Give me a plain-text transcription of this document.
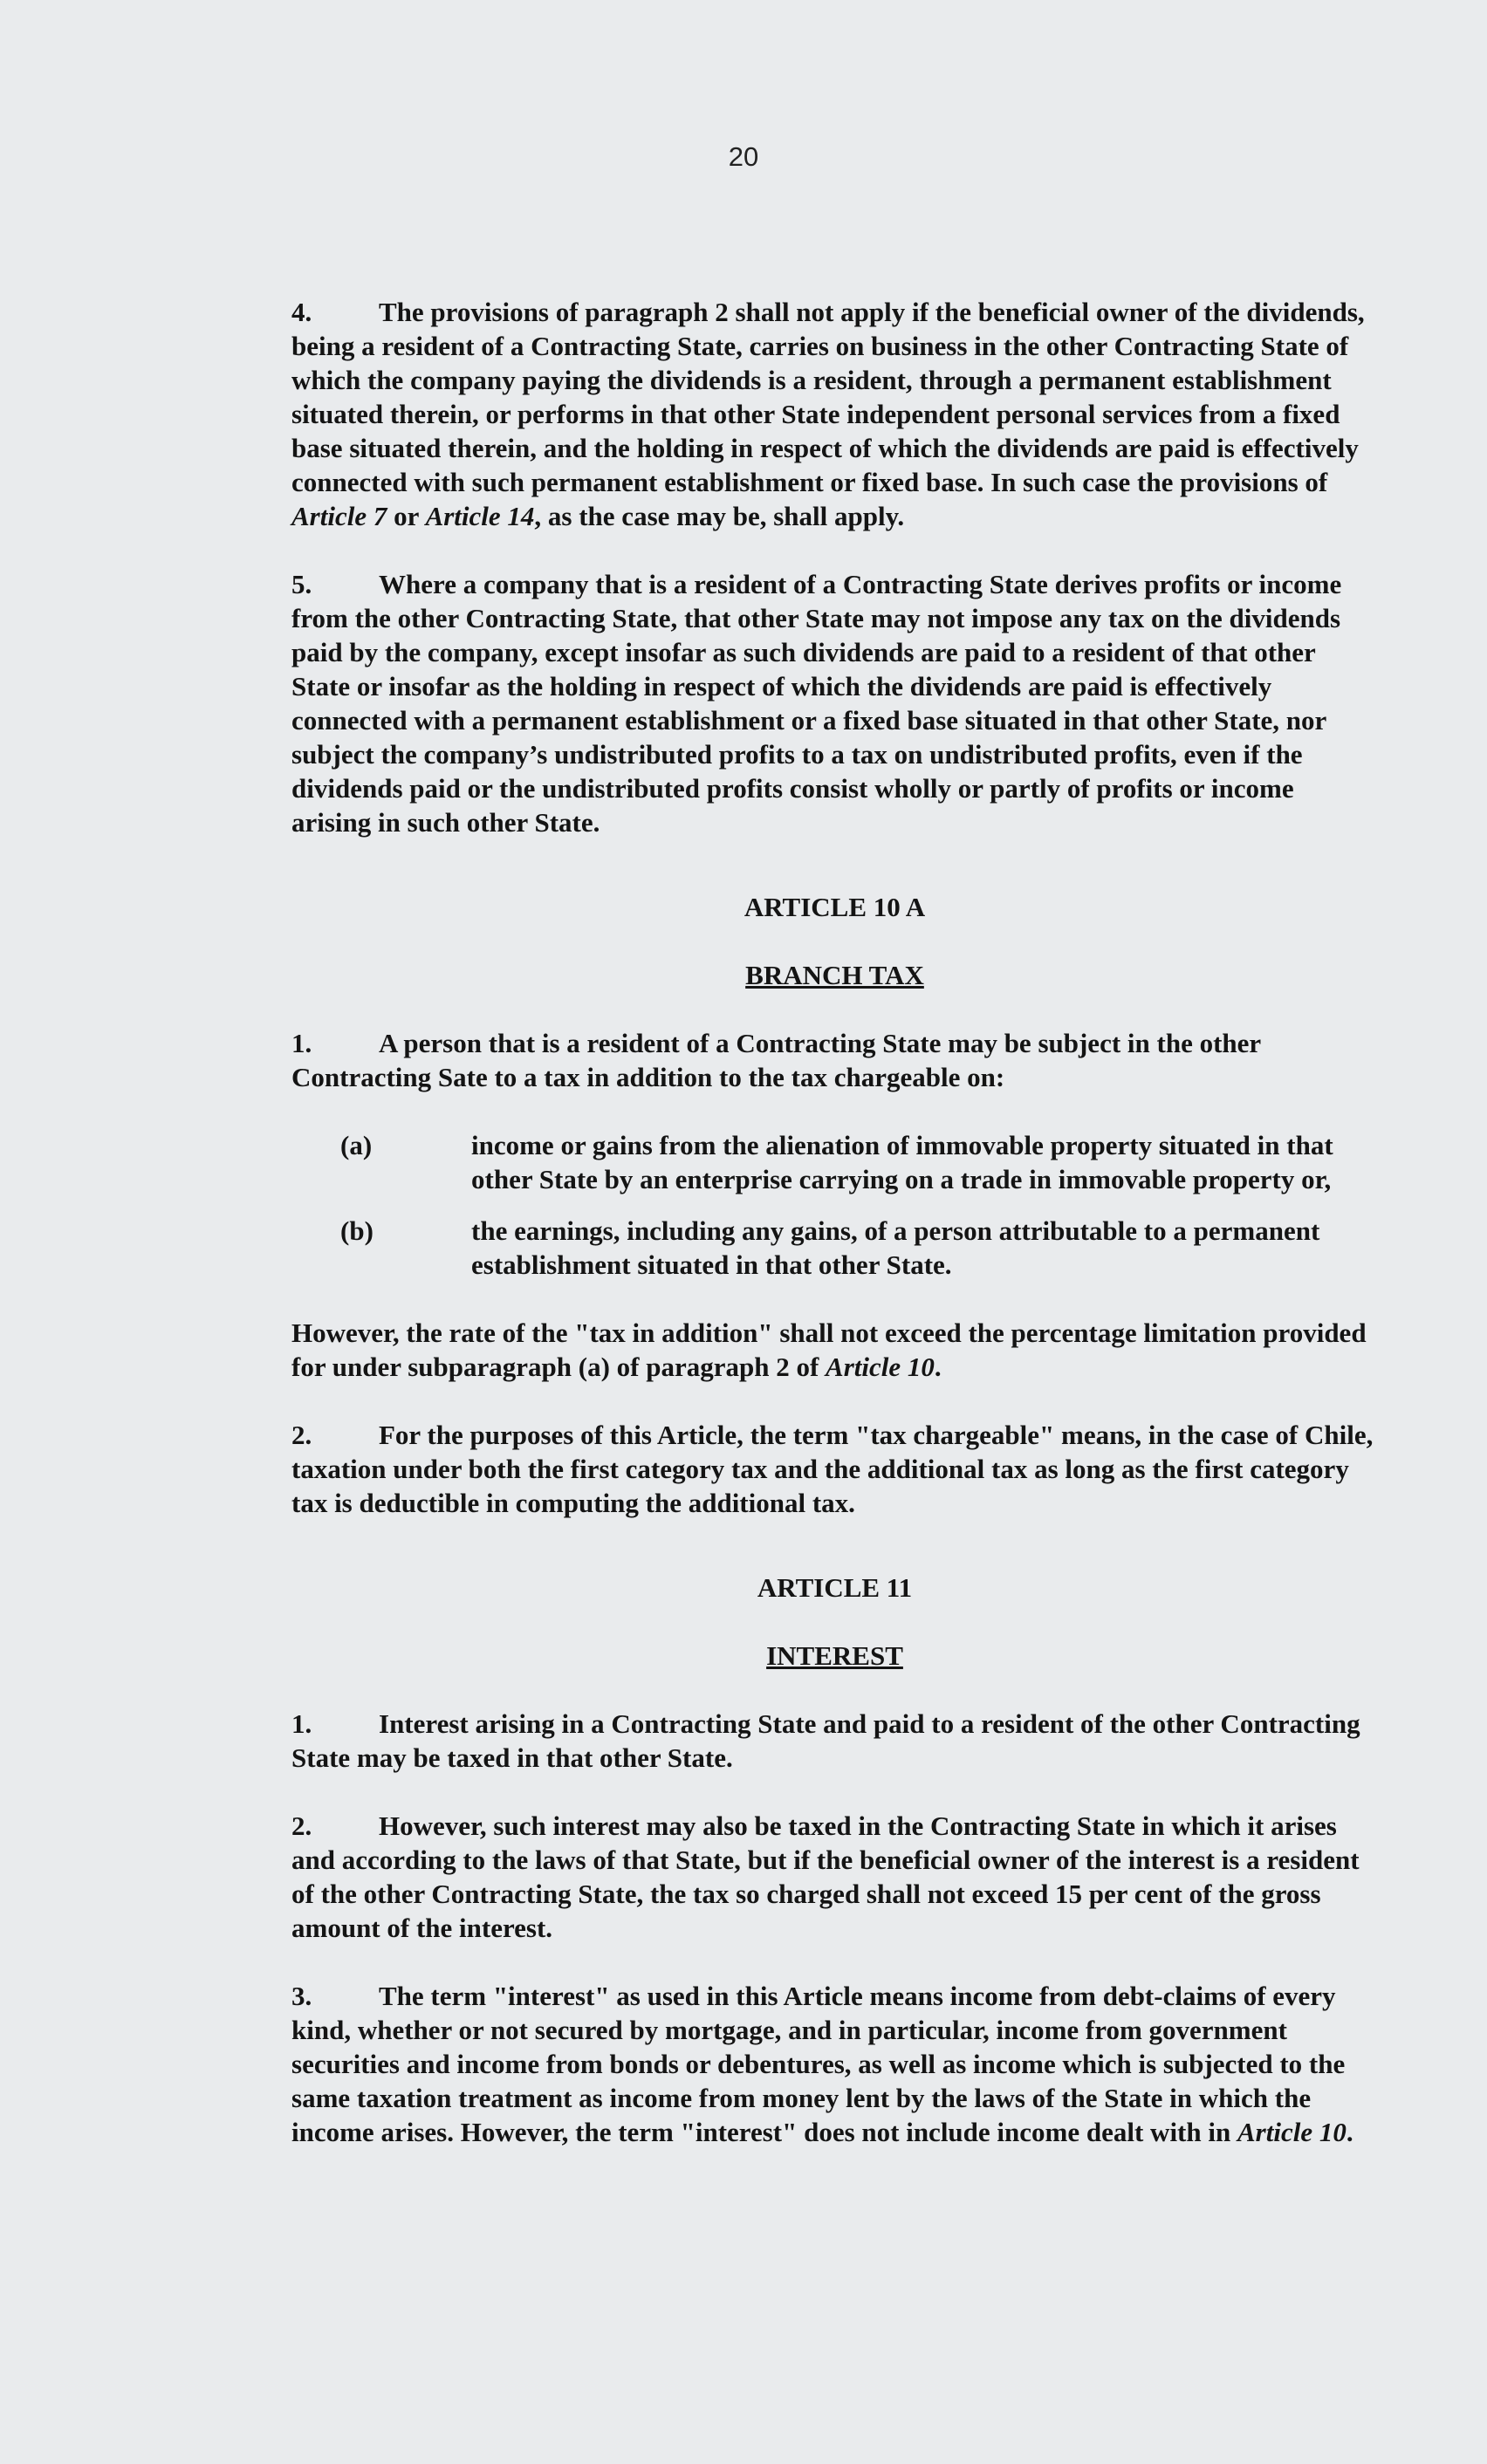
20

4. The provisions of paragraph 2 shall not apply if the beneficial owner of the dividends, being a resident of a Contracting State, carries on business in the other Contracting State of which the company paying the dividends is a resident, through a permanent establishment situated therein, or performs in that other State independent personal services from a fixed base situated therein, and the holding in respect of which the dividends are paid is effectively connected with such permanent establishment or fixed base. In such case the provisions of Article 7 or Article 14, as the case may be, shall apply.

5. Where a company that is a resident of a Contracting State derives profits or income from the other Contracting State, that other State may not impose any tax on the dividends paid by the company, except insofar as such dividends are paid to a resident of that other State or insofar as the holding in respect of which the dividends are paid is effectively connected with a permanent establishment or a fixed base situated in that other State, nor subject the company’s undistributed profits to a tax on undistributed profits, even if the dividends paid or the undistributed profits consist wholly or partly of profits or income arising in such other State.

ARTICLE 10 A
BRANCH TAX

1. A person that is a resident of a Contracting State may be subject in the other Contracting Sate to a tax in addition to the tax chargeable on:

(a)	income or gains from the alienation of immovable property situated in that other State by an enterprise carrying on a trade in immovable property or,
(b)	the earnings, including any gains, of a person attributable to a permanent establishment situated in that other State.

However, the rate of the "tax in addition" shall not exceed the percentage limitation provided for under subparagraph (a) of paragraph 2 of Article 10.

2. For the purposes of this Article, the term "tax chargeable" means, in the case of Chile, taxation under both the first category tax and the additional tax as long as the first category tax is deductible in computing the additional tax.

ARTICLE 11
INTEREST

1. Interest arising in a Contracting State and paid to a resident of the other Contracting State may be taxed in that other State.

2. However, such interest may also be taxed in the Contracting State in which it arises and according to the laws of that State, but if the beneficial owner of the interest is a resident of the other Contracting State, the tax so charged shall not exceed 15 per cent of the gross amount of the interest.

3. The term "interest" as used in this Article means income from debt-claims of every kind, whether or not secured by mortgage, and in particular, income from government securities and income from bonds or debentures, as well as income which is subjected to the same taxation treatment as income from money lent by the laws of the State in which the income arises. However, the term "interest" does not include income dealt with in Article 10.
